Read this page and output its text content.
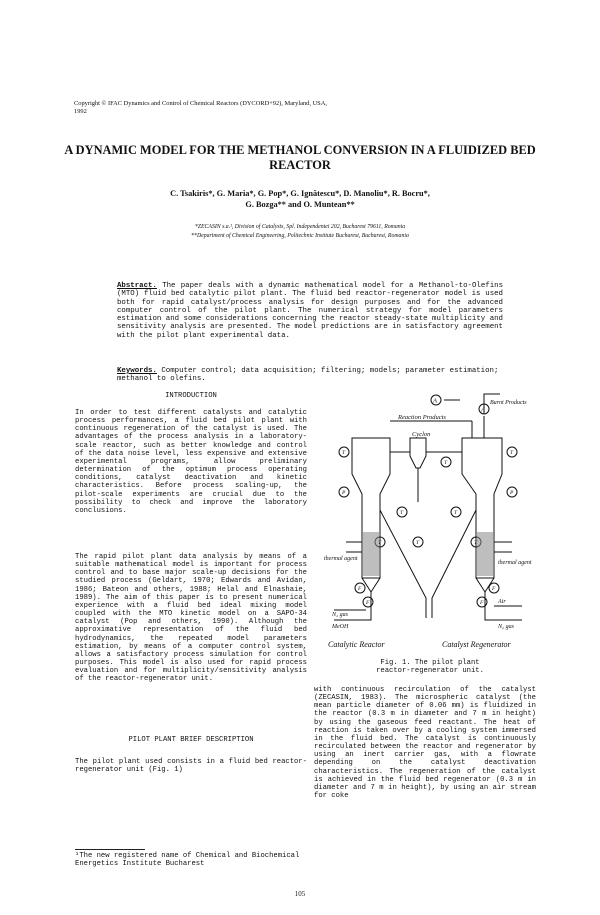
Copyright © IFAC Dynamics and Control of Chemical Reactors (DYCORD+92), Maryland, USA, 1992
A DYNAMIC MODEL FOR THE METHANOL CONVERSION IN A FLUIDIZED BED REACTOR
C. Tsakiris*, G. Maria*, G. Pop*, G. Ignătescu*, D. Manoliu*, R. Bocru*,
G. Bozga** and O. Muntean**
*ZECASIN s.a.¹, Division of Catalysts, Spl. Independentei 202, Bucharest 79611, Romania
**Department of Chemical Engineering, Politechnic Institute Bucharest, Bucharest, Romania
Abstract. The paper deals with a dynamic mathematical model for a Methanol-to-Olefins (MTO) fluid bed catalytic pilot plant. The fluid bed reactor-regenerator model is used both for rapid catalyst/process analysis for design purposes and for the advanced computer control of the pilot plant. The numerical strategy for model parameters estimation and some considerations concerning the reactor steady-state multiplicity and sensitivity analysis are presented. The model predictions are in satisfactory agreement with the pilot plant experimental data.
Keywords. Computer control; data acquisition; filtering; models; parameter estimation; methanol to olefins.
INTRODUCTION

In order to test different catalysts and catalytic process performances, a fluid bed pilot plant with continuous regeneration of the catalyst is used. The advantages of the process analysis in a laboratory-scale reactor, such as better knowledge and control of the data noise level, less expensive and extensive experimental programs, allow preliminary determination of the optimum process operating conditions, catalyst deactivation and kinetic characteristics. Before process scaling-up, the pilot-scale experiments are crucial due to the possibility to check and improve the laboratory conclusions.

The rapid pilot plant data analysis by means of a suitable mathematical model is important for process control and to base major scale-up decisions for the studied process (Geldart, 1970; Edwards and Avidan, 1986; Bateon and others, 1988; Helal and Elnashaie, 1989). The aim of this paper is to present numerical experience with a fluid bed ideal mixing model coupled with the MTO kinetic model on a SAPO-34 catalyst (Pop and others, 1990). Although the approximative representation of the fluid bed hydrodynamics, the repeated model parameters estimation, by means of a computer control system, allows a satisfactory process simulation for control purposes. This model is also used for rapid process evaluation and for multiplicity/sensitivity analysis of the reactor-regenerator unit.

PILOT PLANT BRIEF DESCRIPTION

The pilot plant used consists in a fluid bed reactor-regenerator unit (Fig. 1)

¹The new registered name of Chemical and Biochemical Energetics Institute Bucharest
A
A
Reaction Products
Burnt Products
Cyclon
thermal agent
thermal agent
N₂ gas
MeOH
Air
N₂ gas
Catalytic Reactor	Catalyst Regenerator
T
P
T
T
F
F
T
T
P
T
T
F
F
T
Fig. 1. The pilot plant
reactor-regenerator unit.

with continuous recirculation of the catalyst (ZECASIN, 1983). The microspheric catalyst (the mean particle diameter of 0.06 mm) is fluidized in the reactor (0.3 m in diameter and 7 m in height) by using the gaseous feed reactant. The heat of reaction is taken over by a cooling system immersed in the fluid bed. The catalyst is continuously recirculated between the reactor and regenerator by using an inert carrier gas, with a flowrate depending on the catalyst deactivation characteristics. The regeneration of the catalyst is achieved in the fluid bed regenerator (0.3 m in diameter and 7 m in height), by using an air stream for coke

105
